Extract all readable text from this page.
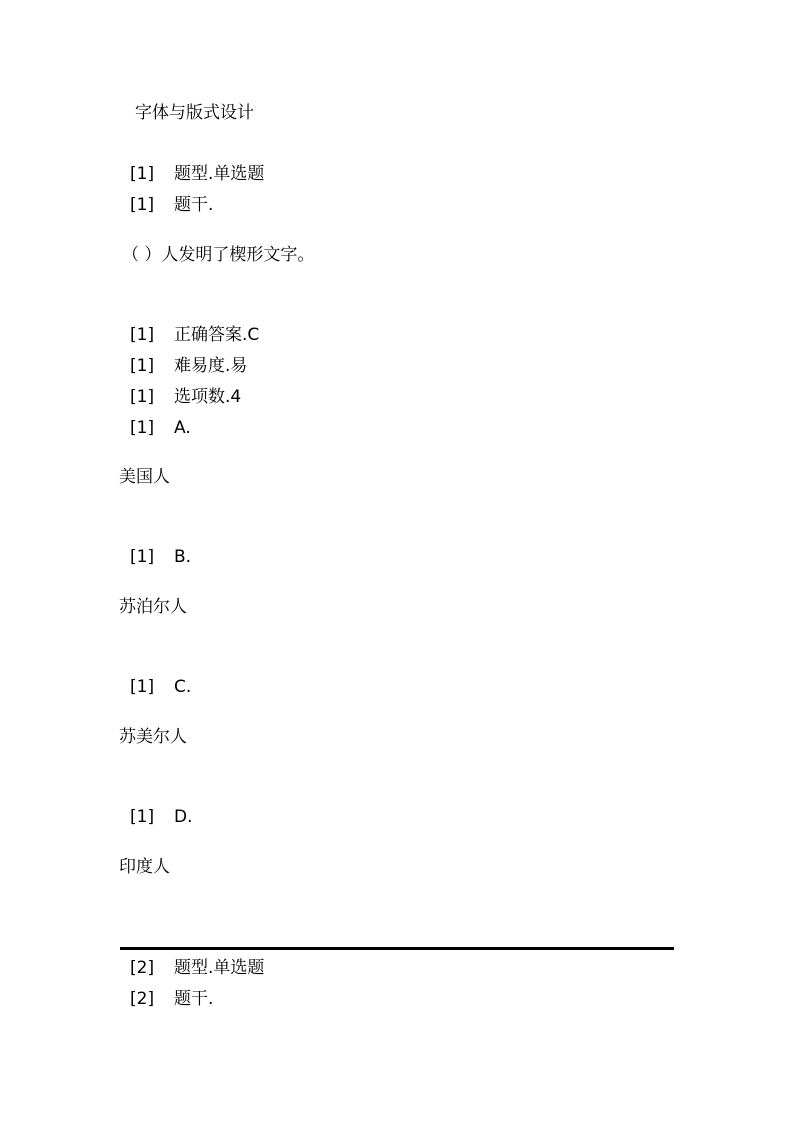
字体与版式设计
[1] 题型.单选题
[1] 题干.
（ ）人发明了楔形文字。
[1] 正确答案.C
[1] 难易度.易
[1] 选项数.4
[1] A.
美国人
[1] B.
苏泊尔人
[1] C.
苏美尔人
[1] D.
印度人
[2] 题型.单选题
[2] 题干.
